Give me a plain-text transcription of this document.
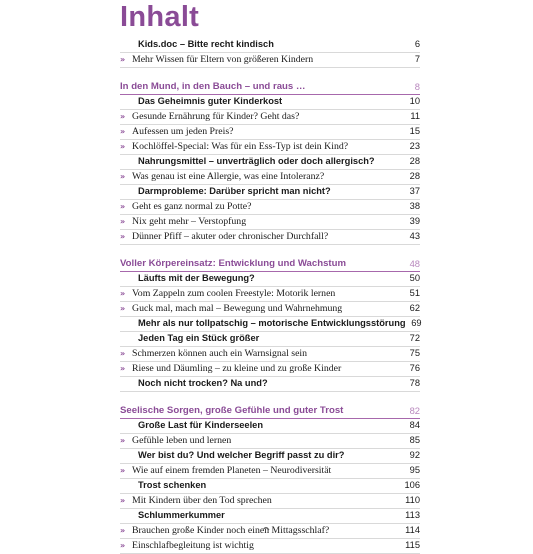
Inhalt
Kids.doc – Bitte recht kindisch	6
» Mehr Wissen für Eltern von größeren Kindern	7
In den Mund, in den Bauch – und raus …	8
Das Geheimnis guter Kinderkost	10
» Gesunde Ernährung für Kinder? Geht das?	11
» Aufessen um jeden Preis?	15
» Kochlöffel-Special: Was für ein Ess-Typ ist dein Kind?	23
Nahrungsmittel – unverträglich oder doch allergisch?	28
» Was genau ist eine Allergie, was eine Intoleranz?	28
Darmprobleme: Darüber spricht man nicht?	37
» Geht es ganz normal zu Potte?	38
» Nix geht mehr – Verstopfung	39
» Dünner Pfiff – akuter oder chronischer Durchfall?	43
Voller Körpereinsatz: Entwicklung und Wachstum	48
Läufts mit der Bewegung?	50
» Vom Zappeln zum coolen Freestyle: Motorik lernen	51
» Guck mal, mach mal – Bewegung und Wahrnehmung	62
Mehr als nur tollpatschig – motorische Entwicklungsstörung 69
Jeden Tag ein Stück größer	72
» Schmerzen können auch ein Warnsignal sein	75
» Riese und Däumling – zu kleine und zu große Kinder	76
Noch nicht trocken? Na und?	78
Seelische Sorgen, große Gefühle und guter Trost	82
Große Last für Kinderseelen	84
» Gefühle leben und lernen	85
Wer bist du? Und welcher Begriff passt zu dir?	92
» Wie auf einem fremden Planeten – Neurodiversität	95
Trost schenken	106
» Mit Kindern über den Tod sprechen	110
Schlummerkummer	113
» Brauchen große Kinder noch einen Mittagsschlaf?	114
» Einschlafbegleitung ist wichtig	115
